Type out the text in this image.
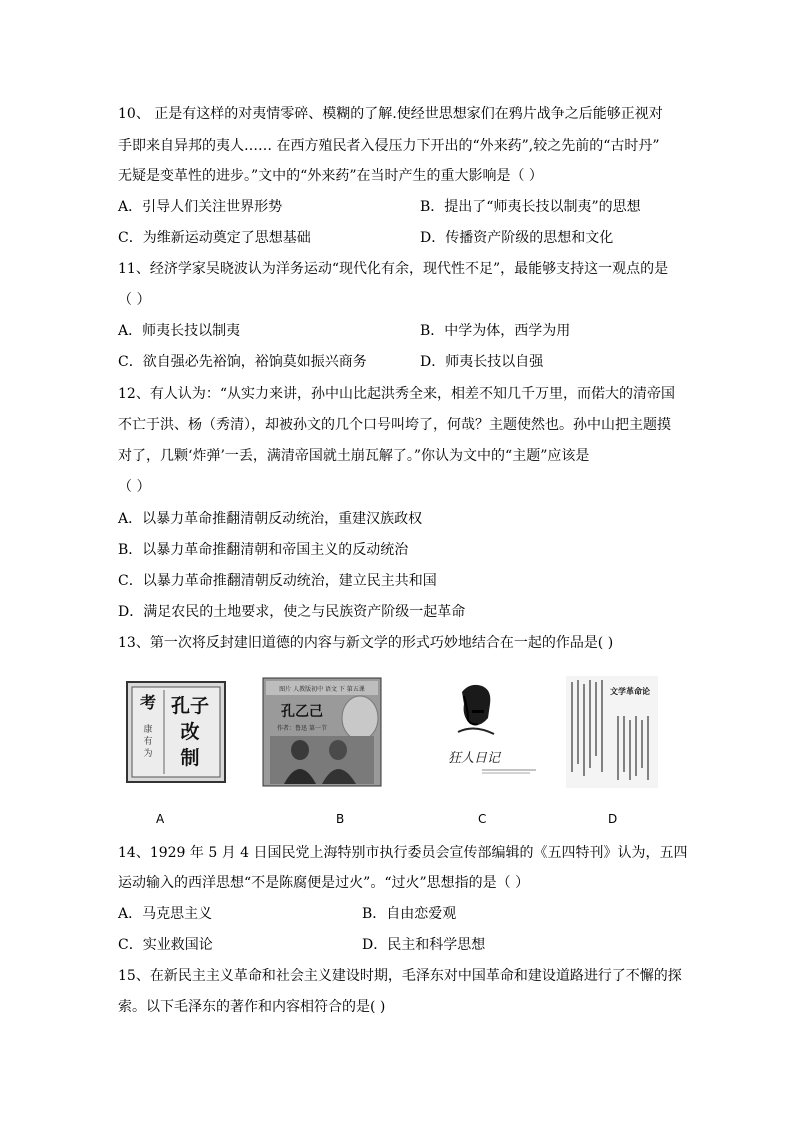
10、 正是有这样的对夷情零碎、模糊的了解.使经世思想家们在鸦片战争之后能够正视对
手即来自异邦的夷人…… 在西方殖民者入侵压力下开出的“外来药”,较之先前的“古时丹”
无疑是变革性的进步。”文中的“外来药”在当时产生的重大影响是（ ）
A．引导人们关注世界形势	B．提出了“师夷长技以制夷”的思想
C．为维新运动奠定了思想基础	D．传播资产阶级的思想和文化
11、经济学家吴晓波认为洋务运动“现代化有余，现代性不足”，最能够支持这一观点的是
（ ）
A．师夷长技以制夷	B．中学为体，西学为用
C．欲自强必先裕饷，裕饷莫如振兴商务	D．师夷长技以自强
12、有人认为：“从实力来讲，孙中山比起洪秀全来，相差不知几千万里，而偌大的清帝国
不亡于洪、杨（秀清），却被孙文的几个口号叫垮了，何哉？主题使然也。孙中山把主题摸
对了，几颗‘炸弹’一丢，满清帝国就土崩瓦解了。”你认为文中的“主题”应该是
（ ）
A．以暴力革命推翻清朝反动统治，重建汉族政权
B．以暴力革命推翻清朝和帝国主义的反动统治
C．以暴力革命推翻清朝反动统治，建立民主共和国
D．满足农民的土地要求，使之与民族资产阶级一起革命
13、第一次将反封建旧道德的内容与新文学的形式巧妙地结合在一起的作品是( )
孔子
改
制
考
康
有
为
图片 人教版初中 语文 下 第五课
孔乙己
作者：鲁迅 第一节
狂人日记
文学革命论
A	B	C	D
14、1929 年 5 月 4 日国民党上海特别市执行委员会宣传部编辑的《五四特刊》认为，五四
运动输入的西洋思想“不是陈腐便是过火”。“过火”思想指的是（ ）
A．马克思主义	B．自由恋爱观
C．实业救国论	D．民主和科学思想
15、在新民主主义革命和社会主义建设时期，毛泽东对中国革命和建设道路进行了不懈的探
索。以下毛泽东的著作和内容相符合的是( )
